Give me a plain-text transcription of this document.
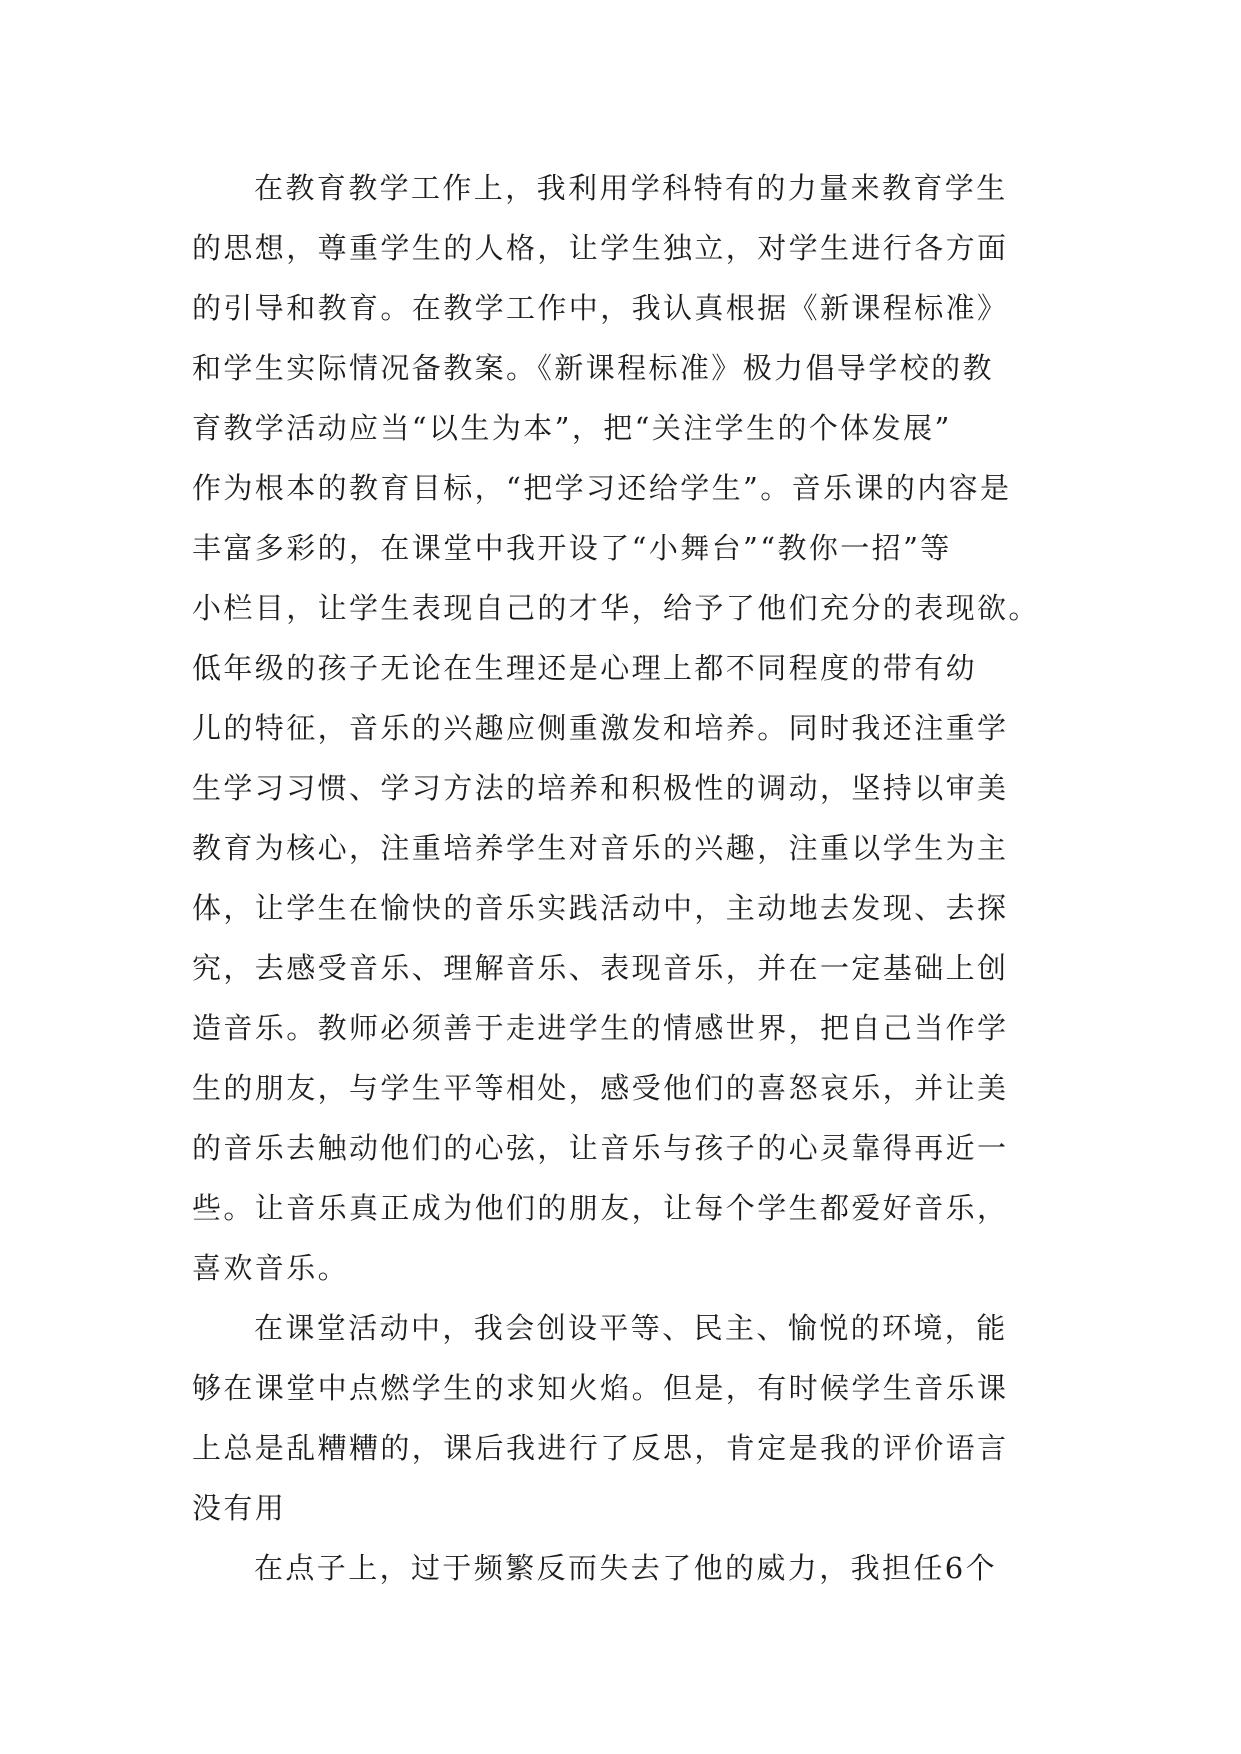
在教育教学工作上，我利用学科特有的力量来教育学生
的思想，尊重学生的人格，让学生独立，对学生进行各方面
的引导和教育。在教学工作中，我认真根据《新课程标准》
和学生实际情况备教案。《新课程标准》极力倡导学校的教
育教学活动应当“以生为本”，把“关注学生的个体发展”
作为根本的教育目标，“把学习还给学生”。音乐课的内容是
丰富多彩的，在课堂中我开设了“小舞台”“教你一招”等
小栏目，让学生表现自己的才华，给予了他们充分的表现欲。
低年级的孩子无论在生理还是心理上都不同程度的带有幼
儿的特征，音乐的兴趣应侧重激发和培养。同时我还注重学
生学习习惯、学习方法的培养和积极性的调动，坚持以审美
教育为核心，注重培养学生对音乐的兴趣，注重以学生为主
体，让学生在愉快的音乐实践活动中，主动地去发现、去探
究，去感受音乐、理解音乐、表现音乐，并在一定基础上创
造音乐。教师必须善于走进学生的情感世界，把自己当作学
生的朋友，与学生平等相处，感受他们的喜怒哀乐，并让美
的音乐去触动他们的心弦，让音乐与孩子的心灵靠得再近一
些。让音乐真正成为他们的朋友，让每个学生都爱好音乐，
喜欢音乐。
在课堂活动中，我会创设平等、民主、愉悦的环境，能
够在课堂中点燃学生的求知火焰。但是，有时候学生音乐课
上总是乱糟糟的，课后我进行了反思，肯定是我的评价语言
没有用
在点子上，过于频繁反而失去了他的威力，我担任6个
